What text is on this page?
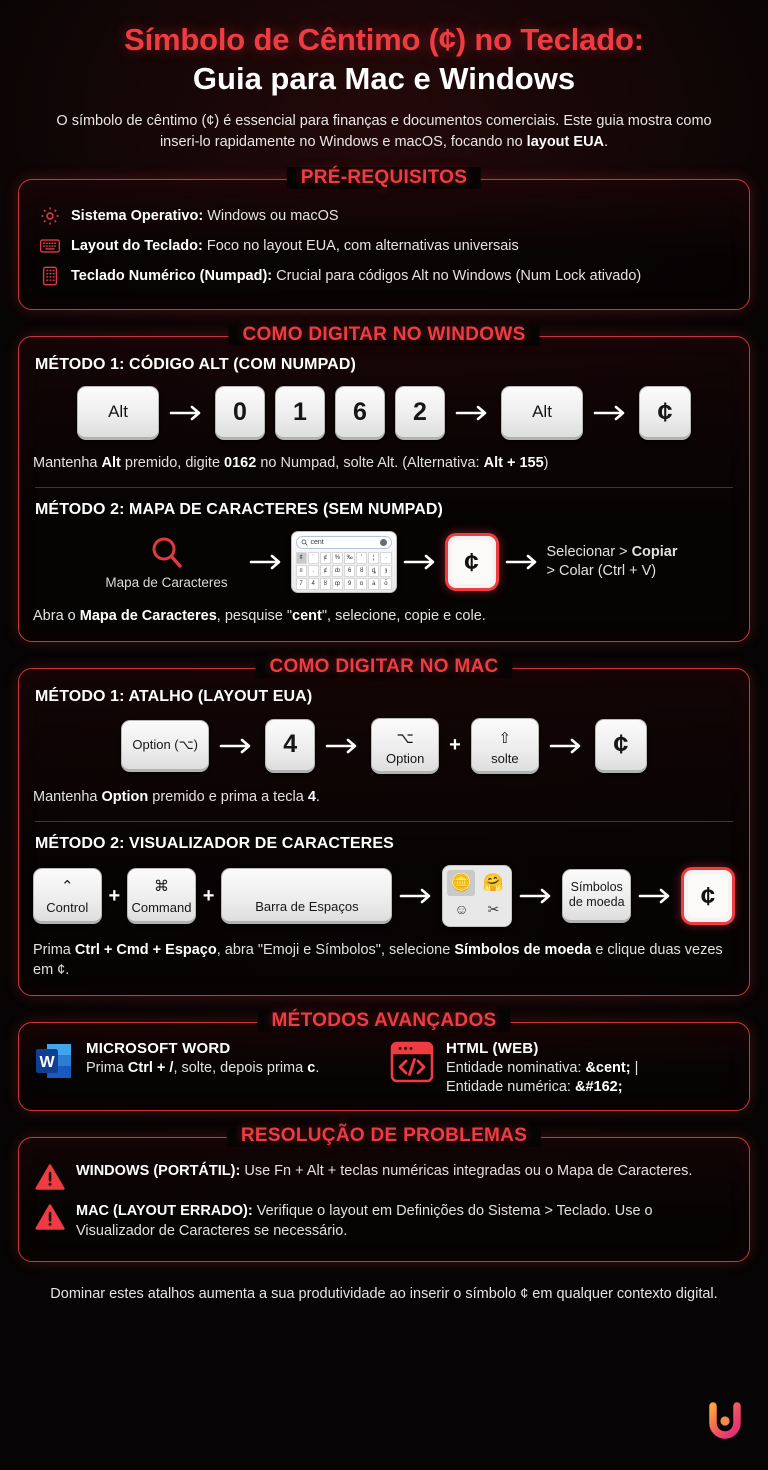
Símbolo de Cêntimo (¢) no Teclado:
Guia para Mac e Windows
O símbolo de cêntimo (¢) é essencial para finanças e documentos comerciais. Este guia mostra como inseri-lo rapidamente no Windows e macOS, focando no layout EUA.
PRÉ-REQUISITOS
Sistema Operativo: Windows ou macOS
Layout do Teclado: Foco no layout EUA, com alternativas universais
Teclado Numérico (Numpad): Crucial para códigos Alt no Windows (Num Lock ativado)
COMO DIGITAR NO WINDOWS
MÉTODO 1: CÓDIGO ALT (COM NUMPAD)
Alt	0	1	6	2	Alt	¢
Mantenha Alt premido, digite 0162 no Numpad, solte Alt. (Alternativa: Alt + 155)
MÉTODO 2: MAPA DE CARACTERES (SEM NUMPAD)
Mapa de Caracteres
cent
¢	˙	ȼ	%	‰	'	¦	·
¤	.	ȼ	ȸ	6	ȣ	ȡ	ȝ
7	4	ȣ	ȹ	9	ɒ	ȧ	ȱ
¢	Selecionar > Copiar
> Colar (Ctrl + V)
Abra o Mapa de Caracteres, pesquise "cent", selecione, copie e cole.
COMO DIGITAR NO MAC
MÉTODO 1: ATALHO (LAYOUT EUA)
Option (⌥)	4	⌥
Option
+	⇧
solte	¢
Mantenha Option premido e prima a tecla 4.
MÉTODO 2: VISUALIZADOR DE CARACTERES
⌃
Control
+ ⌘
Command
+	Barra de Espaços
🪙 🤗
☺	✂
Símbolos
de moeda	¢
Prima Ctrl + Cmd + Espaço, abra "Emoji e Símbolos", selecione Símbolos de moeda e clique duas vezes em ¢.
MÉTODOS AVANÇADOS
W
MICROSOFT WORD
Prima Ctrl + /, solte, depois prima c.
HTML (WEB)
Entidade nominativa: &cent; |
Entidade numérica: &#162;
RESOLUÇÃO DE PROBLEMAS
WINDOWS (PORTÁTIL): Use Fn + Alt + teclas numéricas integradas ou o Mapa de Caracteres.
MAC (LAYOUT ERRADO): Verifique o layout em Definições do Sistema > Teclado. Use o Visualizador de Caracteres se necessário.
Dominar estes atalhos aumenta a sua produtividade ao inserir o símbolo ¢ em qualquer contexto digital.
